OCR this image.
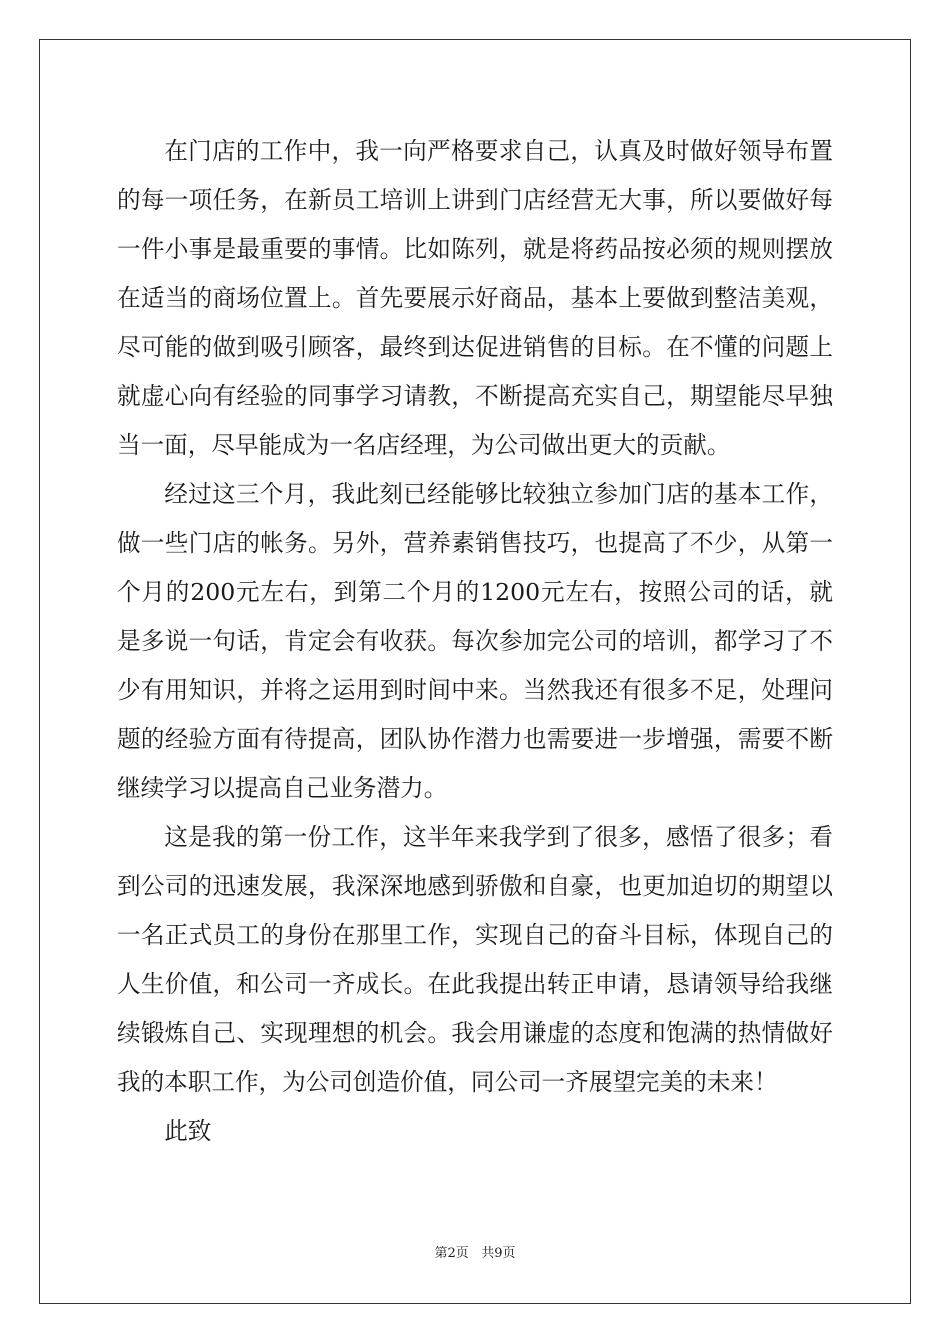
在门店的工作中，我一向严格要求自己，认真及时做好领导布置的每一项任务，在新员工培训上讲到门店经营无大事，所以要做好每一件小事是最重要的事情。比如陈列，就是将药品按必须的规则摆放在适当的商场位置上。首先要展示好商品，基本上要做到整洁美观，尽可能的做到吸引顾客，最终到达促进销售的目标。在不懂的问题上就虚心向有经验的同事学习请教，不断提高充实自己，期望能尽早独当一面，尽早能成为一名店经理，为公司做出更大的贡献。

经过这三个月，我此刻已经能够比较独立参加门店的基本工作，做一些门店的帐务。另外，营养素销售技巧，也提高了不少，从第一个月的200元左右，到第二个月的1200元左右，按照公司的话，就是多说一句话，肯定会有收获。每次参加完公司的培训，都学习了不少有用知识，并将之运用到时间中来。当然我还有很多不足，处理问题的经验方面有待提高，团队协作潜力也需要进一步增强，需要不断继续学习以提高自己业务潜力。

这是我的第一份工作，这半年来我学到了很多，感悟了很多；看到公司的迅速发展，我深深地感到骄傲和自豪，也更加迫切的期望以一名正式员工的身份在那里工作，实现自己的奋斗目标，体现自己的人生价值，和公司一齐成长。在此我提出转正申请，恳请领导给我继续锻炼自己、实现理想的机会。我会用谦虚的态度和饱满的热情做好我的本职工作，为公司创造价值，同公司一齐展望完美的未来！

此致

第2页 共9页
